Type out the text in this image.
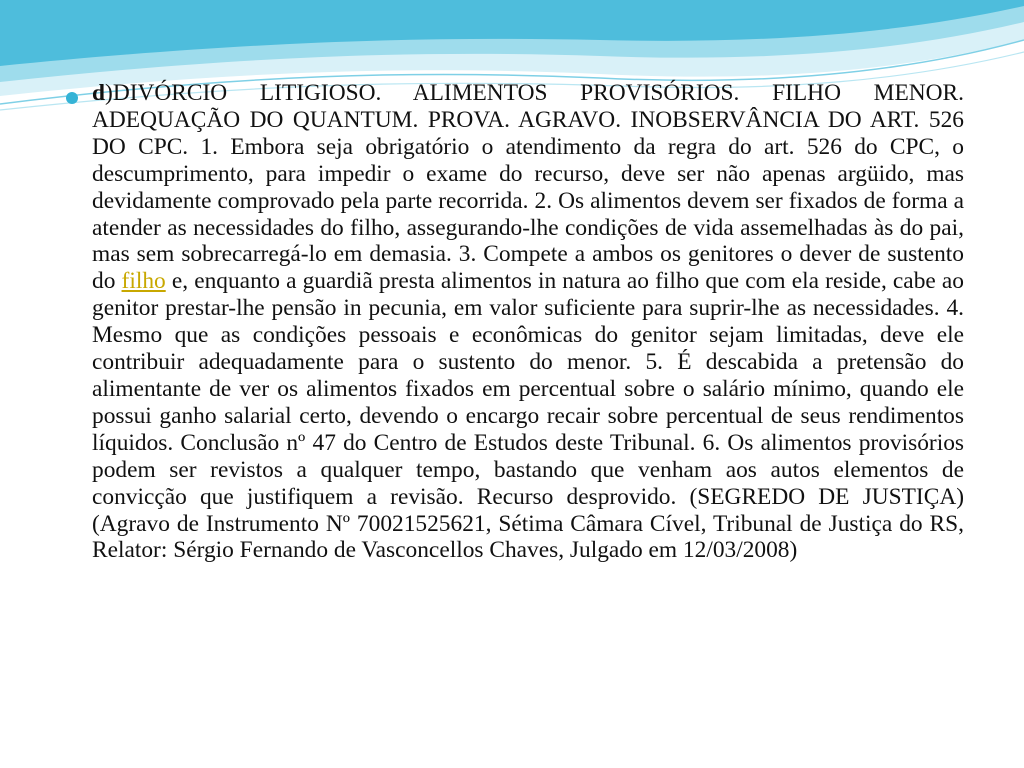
d)DIVÓRCIO LITIGIOSO. ALIMENTOS PROVISÓRIOS. FILHO MENOR. ADEQUAÇÃO DO QUANTUM. PROVA. AGRAVO. INOBSERVÂNCIA DO ART. 526 DO CPC. 1. Embora seja obrigatório o atendimento da regra do art. 526 do CPC, o descumprimento, para impedir o exame do recurso, deve ser não apenas argüido, mas devidamente comprovado pela parte recorrida. 2. Os alimentos devem ser fixados de forma a atender as necessidades do filho, assegurando-lhe condições de vida assemelhadas às do pai, mas sem sobrecarregá-lo em demasia. 3. Compete a ambos os genitores o dever de sustento do filho e, enquanto a guardiã presta alimentos in natura ao filho que com ela reside, cabe ao genitor prestar-lhe pensão in pecunia, em valor suficiente para suprir-lhe as necessidades. 4. Mesmo que as condições pessoais e econômicas do genitor sejam limitadas, deve ele contribuir adequadamente para o sustento do menor. 5. É descabida a pretensão do alimentante de ver os alimentos fixados em percentual sobre o salário mínimo, quando ele possui ganho salarial certo, devendo o encargo recair sobre percentual de seus rendimentos líquidos. Conclusão nº 47 do Centro de Estudos deste Tribunal. 6. Os alimentos provisórios podem ser revistos a qualquer tempo, bastando que venham aos autos elementos de convicção que justifiquem a revisão. Recurso desprovido. (SEGREDO DE JUSTIÇA) (Agravo de Instrumento Nº 70021525621, Sétima Câmara Cível, Tribunal de Justiça do RS, Relator: Sérgio Fernando de Vasconcellos Chaves, Julgado em 12/03/2008)
